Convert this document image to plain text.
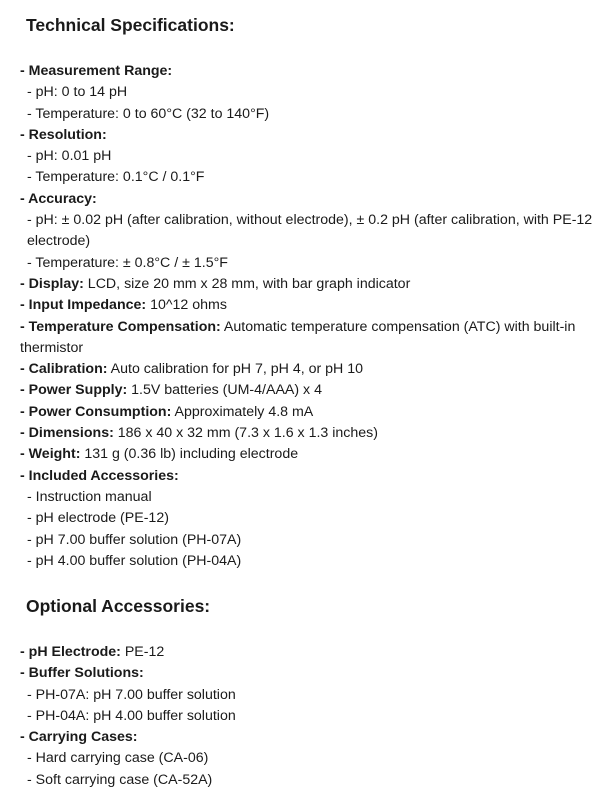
Technical Specifications:
- Measurement Range:
- pH: 0 to 14 pH
- Temperature: 0 to 60°C (32 to 140°F)
- Resolution:
- pH: 0.01 pH
- Temperature: 0.1°C / 0.1°F
- Accuracy:
- pH: ± 0.02 pH (after calibration, without electrode), ± 0.2 pH (after calibration, with PE-12 electrode)
- Temperature: ± 0.8°C / ± 1.5°F
- Display: LCD, size 20 mm x 28 mm, with bar graph indicator
- Input Impedance: 10^12 ohms
- Temperature Compensation: Automatic temperature compensation (ATC) with built-in thermistor
- Calibration: Auto calibration for pH 7, pH 4, or pH 10
- Power Supply: 1.5V batteries (UM-4/AAA) x 4
- Power Consumption: Approximately 4.8 mA
- Dimensions: 186 x 40 x 32 mm (7.3 x 1.6 x 1.3 inches)
- Weight: 131 g (0.36 lb) including electrode
- Included Accessories:
- Instruction manual
- pH electrode (PE-12)
- pH 7.00 buffer solution (PH-07A)
- pH 4.00 buffer solution (PH-04A)
Optional Accessories:
- pH Electrode: PE-12
- Buffer Solutions:
- PH-07A: pH 7.00 buffer solution
- PH-04A: pH 4.00 buffer solution
- Carrying Cases:
- Hard carrying case (CA-06)
- Soft carrying case (CA-52A)
